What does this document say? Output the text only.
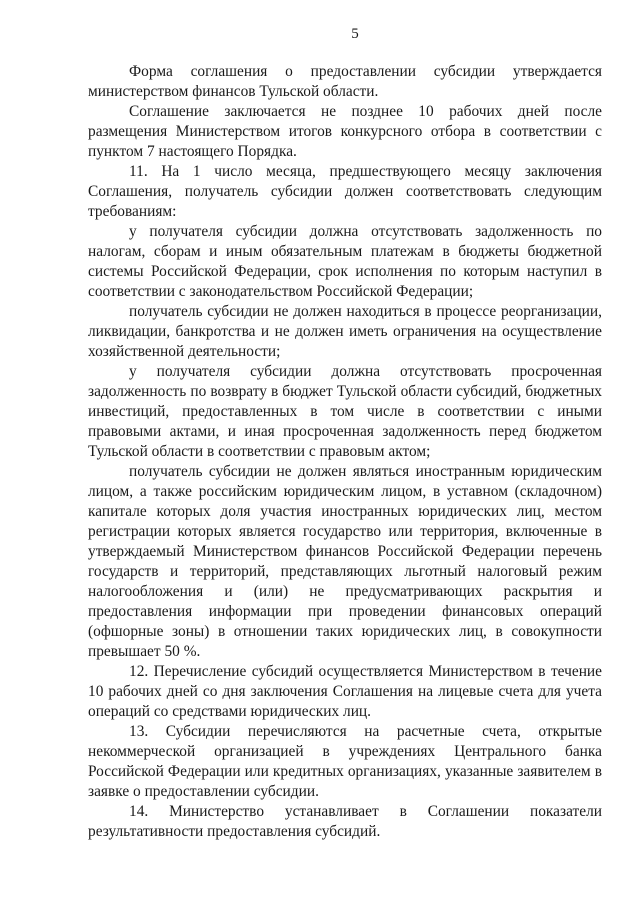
5

Форма соглашения о предоставлении субсидии утверждается министерством финансов Тульской области.

Соглашение заключается не позднее 10 рабочих дней после размещения Министерством итогов конкурсного отбора в соответствии с пунктом 7 настоящего Порядка.

11. На 1 число месяца, предшествующего месяцу заключения Соглашения, получатель субсидии должен соответствовать следующим требованиям:

у получателя субсидии должна отсутствовать задолженность по налогам, сборам и иным обязательным платежам в бюджеты бюджетной системы Российской Федерации, срок исполнения по которым наступил в соответствии с законодательством Российской Федерации;

получатель субсидии не должен находиться в процессе реорганизации, ликвидации, банкротства и не должен иметь ограничения на осуществление хозяйственной деятельности;

у получателя субсидии должна отсутствовать просроченная задолженность по возврату в бюджет Тульской области субсидий, бюджетных инвестиций, предоставленных в том числе в соответствии с иными правовыми актами, и иная просроченная задолженность перед бюджетом Тульской области в соответствии с правовым актом;

получатель субсидии не должен являться иностранным юридическим лицом, а также российским юридическим лицом, в уставном (складочном) капитале которых доля участия иностранных юридических лиц, местом регистрации которых является государство или территория, включенные в утверждаемый Министерством финансов Российской Федерации перечень государств и территорий, представляющих льготный налоговый режим налогообложения и (или) не предусматривающих раскрытия и предоставления информации при проведении финансовых операций (офшорные зоны) в отношении таких юридических лиц, в совокупности превышает 50 %.

12. Перечисление субсидий осуществляется Министерством в течение 10 рабочих дней со дня заключения Соглашения на лицевые счета для учета операций со средствами юридических лиц.

13. Субсидии перечисляются на расчетные счета, открытые некоммерческой организацией в учреждениях Центрального банка Российской Федерации или кредитных организациях, указанные заявителем в заявке о предоставлении субсидии.

14. Министерство устанавливает в Соглашении показатели результативности предоставления субсидий.
